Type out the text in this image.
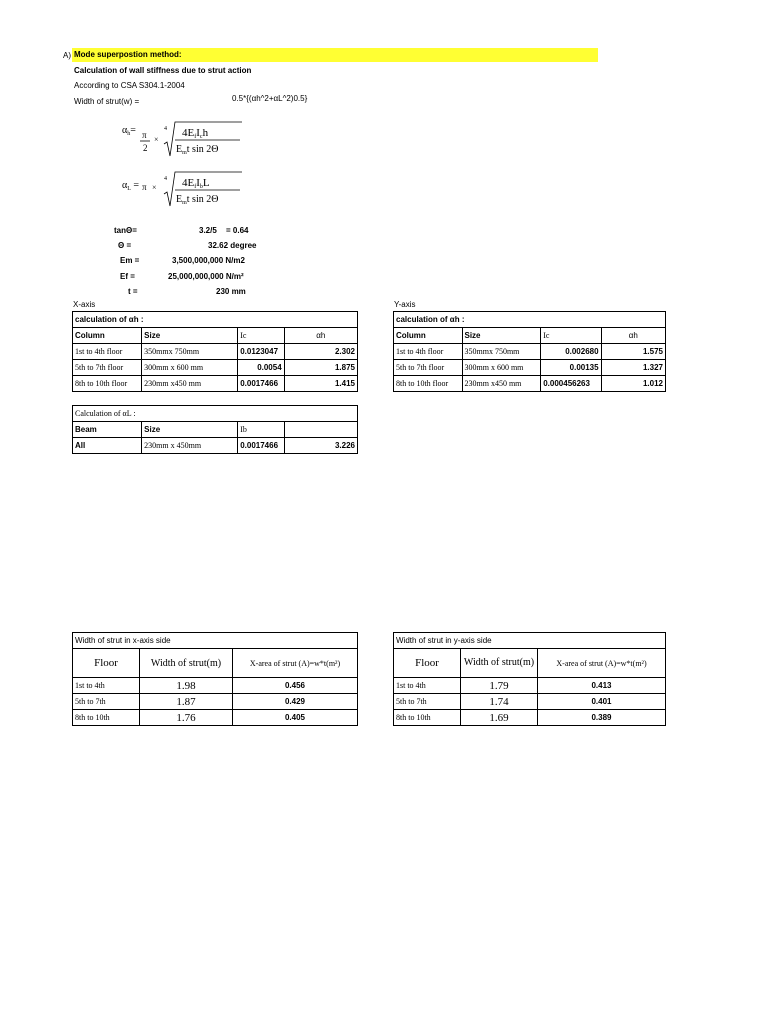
A) Mode superpostion method:
Calculation of wall stiffness due to strut action
According to CSA S304.1-2004
Width of strut(w) =	0.5*{(αh^2+αL^2)0.5}
$\alpha_h= \pi$
2
×
4 4EfIch
$E_mt$ sin 2Θ
$\alpha_L = \pi$ ×
4 4EfIbL
$E_mt$ sin 2Θ
tanΘ=	3.2/5 = 0.64
Θ =	32.62 degree
Em =	3,500,000,000 N/m2
Ef =	25,000,000,000 N/m²
t =	230 mm
X-axis
calculation of αh :			
Column	Size	Ic	αh
1st to 4th floor	350mmx 750mm	0.0123047	2.302
5th to 7th floor	300mm x 600 mm	0.0054	1.875
8th to 10th floor	230mm x450 mm	0.0017466	1.415
Y-axis
calculation of αh :			
Column	Size	Ic	αh
1st to 4th floor	350mmx 750mm	0.002680	1.575
5th to 7th floor	300mm x 600 mm	0.00135	1.327
8th to 10th floor	230mm x450 mm	0.000456263	1.012
Calculation of αL :			
Beam	Size	Ib	
All	230mm x 450mm	0.0017466	3.226
Width of strut in x-axis side		
Floor	Width of strut(m)	X-area of strut (A)=w*t(m²)
1st to 4th	1.98	0.456
5th to 7th	1.87	0.429
8th to 10th	1.76	0.405
Width of strut in y-axis side		
Floor	Width of strut(m)	X-area of strut (A)=w*t(m²)
1st to 4th	1.79	0.413
5th to 7th	1.74	0.401
8th to 10th	1.69	0.389
